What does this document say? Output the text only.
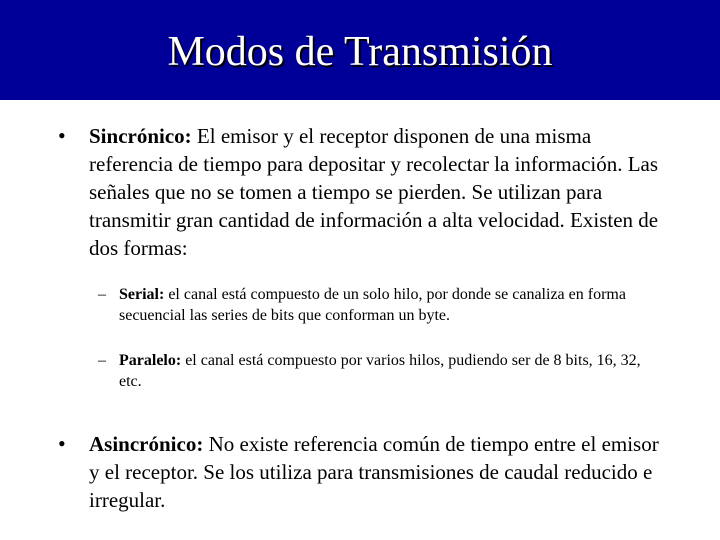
Modos de Transmisión
• Sincrónico: El emisor y el receptor disponen de una misma referencia de tiempo para depositar y recolectar la información. Las señales que no se tomen a tiempo se pierden. Se utilizan para transmitir gran cantidad de información a alta velocidad. Existen de dos formas:
– Serial: el canal está compuesto de un solo hilo, por donde se canaliza en forma secuencial las series de bits que conforman un byte.
– Paralelo: el canal está compuesto por varios hilos, pudiendo ser de 8 bits, 16, 32, etc.
• Asincrónico: No existe referencia común de tiempo entre el emisor y el receptor. Se los utiliza para transmisiones de caudal reducido e irregular.
